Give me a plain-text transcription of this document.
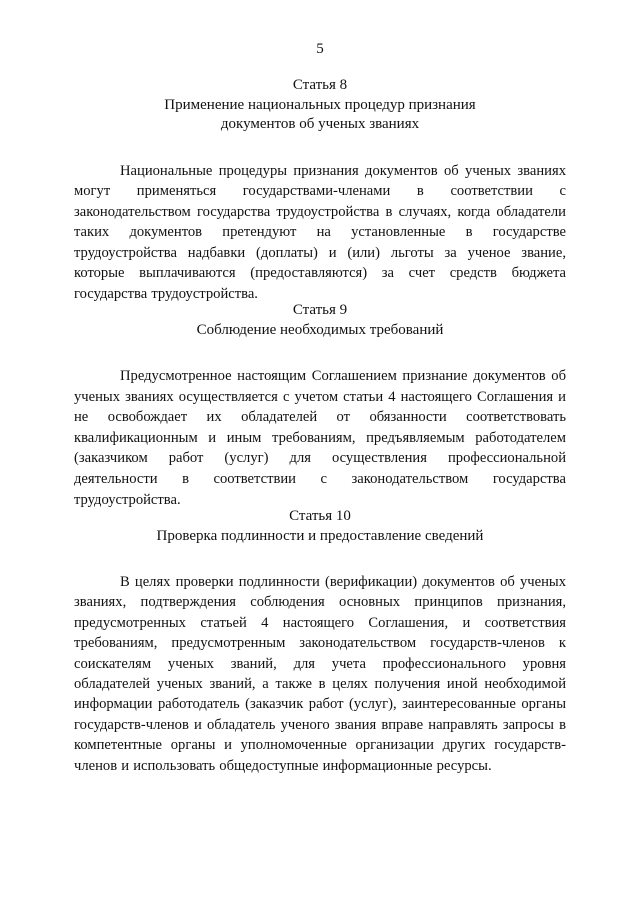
5

Статья 8

Применение национальных процедур признания документов об ученых званиях

Национальные процедуры признания документов об ученых званиях могут применяться государствами-членами в соответствии с законодательством государства трудоустройства в случаях, когда обладатели таких документов претендуют на установленные в государстве трудоустройства надбавки (доплаты) и (или) льготы за ученое звание, которые выплачиваются (предоставляются) за счет средств бюджета государства трудоустройства.

Статья 9

Соблюдение необходимых требований

Предусмотренное настоящим Соглашением признание документов об ученых званиях осуществляется с учетом статьи 4 настоящего Соглашения и не освобождает их обладателей от обязанности соответствовать квалификационным и иным требованиям, предъявляемым работодателем (заказчиком работ (услуг) для осуществления профессиональной деятельности в соответствии с законодательством государства трудоустройства.

Статья 10

Проверка подлинности и предоставление сведений

В целях проверки подлинности (верификации) документов об ученых званиях, подтверждения соблюдения основных принципов признания, предусмотренных статьей 4 настоящего Соглашения, и соответствия требованиям, предусмотренным законодательством государств-членов к соискателям ученых званий, для учета профессионального уровня обладателей ученых званий, а также в целях получения иной необходимой информации работодатель (заказчик работ (услуг), заинтересованные органы государств-членов и обладатель ученого звания вправе направлять запросы в компетентные органы и уполномоченные организации других государств-членов и использовать общедоступные информационные ресурсы.
